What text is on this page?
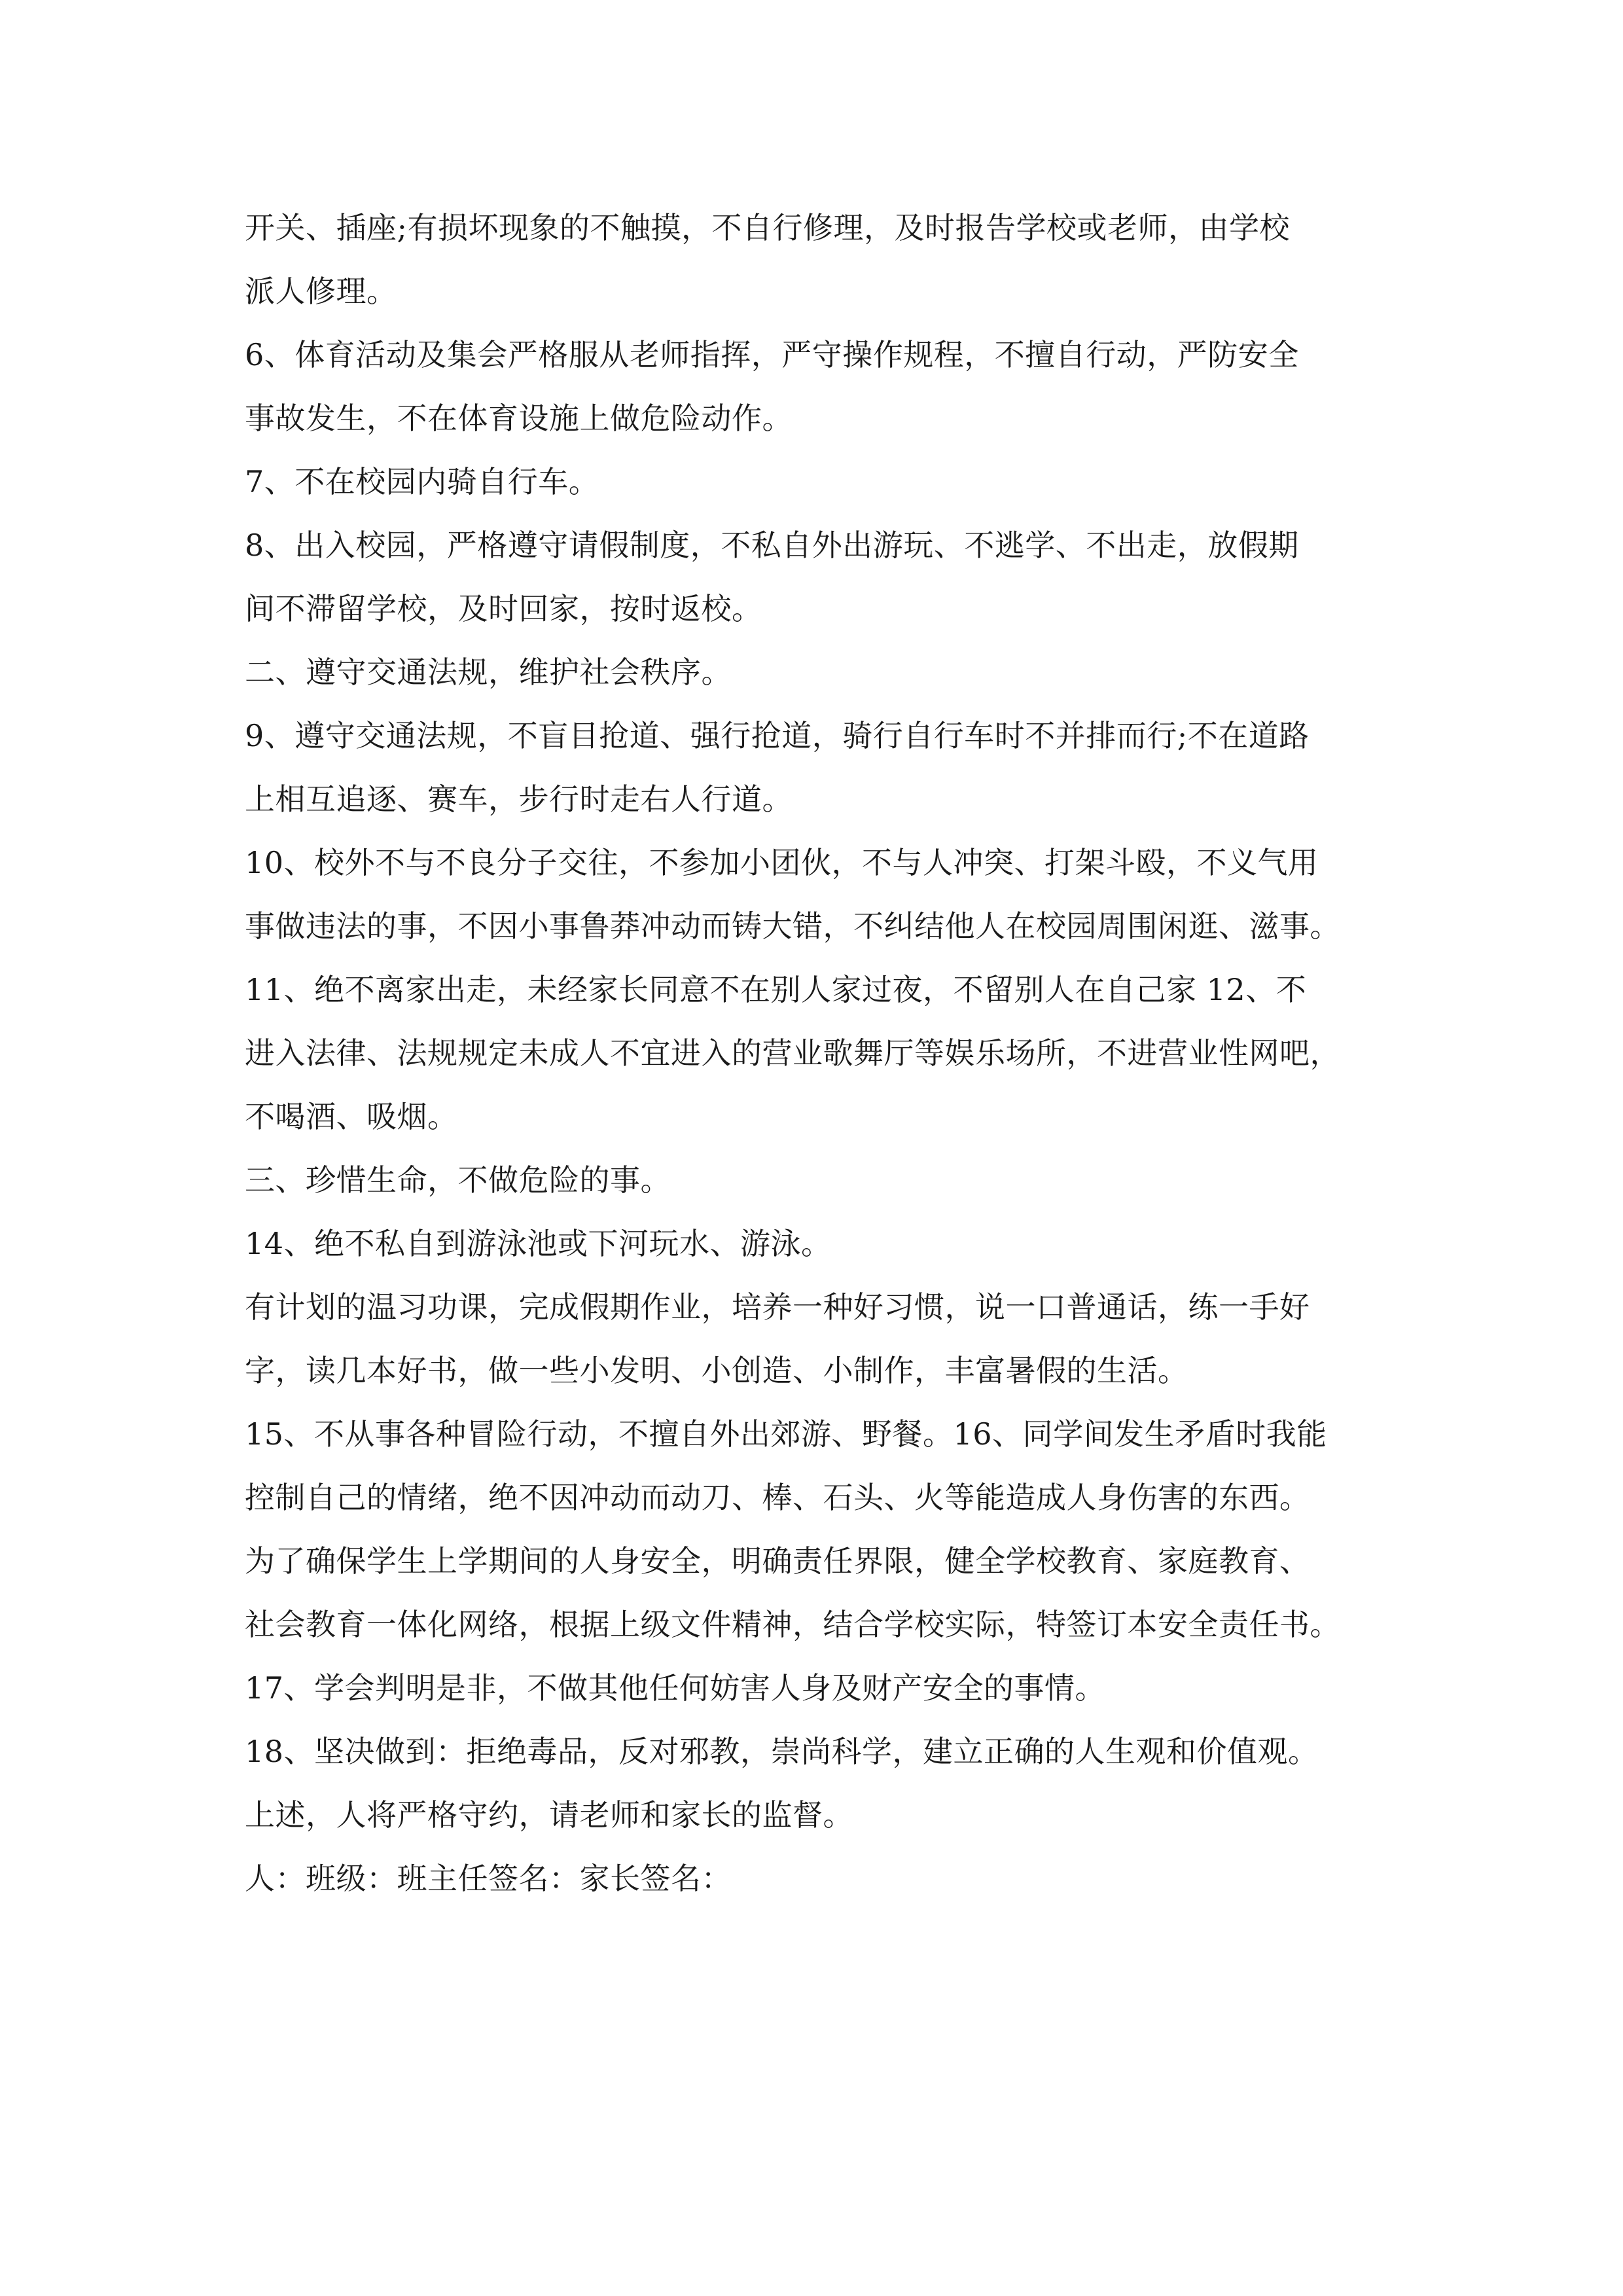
开关、插座;有损坏现象的不触摸，不自行修理，及时报告学校或老师，由学校
派人修理。
6、体育活动及集会严格服从老师指挥，严守操作规程，不擅自行动，严防安全
事故发生，不在体育设施上做危险动作。
7、不在校园内骑自行车。
8、出入校园，严格遵守请假制度，不私自外出游玩、不逃学、不出走，放假期
间不滞留学校，及时回家，按时返校。
二、遵守交通法规，维护社会秩序。
9、遵守交通法规，不盲目抢道、强行抢道，骑行自行车时不并排而行;不在道路
上相互追逐、赛车，步行时走右人行道。
10、校外不与不良分子交往，不参加小团伙，不与人冲突、打架斗殴，不义气用
事做违法的事，不因小事鲁莽冲动而铸大错，不纠结他人在校园周围闲逛、滋事。
11、绝不离家出走，未经家长同意不在别人家过夜，不留别人在自己家 12、不
进入法律、法规规定未成人不宜进入的营业歌舞厅等娱乐场所，不进营业性网吧，
不喝酒、吸烟。
三、珍惜生命，不做危险的事。
14、绝不私自到游泳池或下河玩水、游泳。
有计划的温习功课，完成假期作业，培养一种好习惯，说一口普通话，练一手好
字，读几本好书，做一些小发明、小创造、小制作，丰富暑假的生活。
15、不从事各种冒险行动，不擅自外出郊游、野餐。16、同学间发生矛盾时我能
控制自己的情绪，绝不因冲动而动刀、棒、石头、火等能造成人身伤害的东西。
为了确保学生上学期间的人身安全，明确责任界限，健全学校教育、家庭教育、
社会教育一体化网络，根据上级文件精神，结合学校实际，特签订本安全责任书。
17、学会判明是非，不做其他任何妨害人身及财产安全的事情。
18、坚决做到：拒绝毒品，反对邪教，崇尚科学，建立正确的人生观和价值观。
上述，人将严格守约，请老师和家长的监督。
人：班级：班主任签名：家长签名：
